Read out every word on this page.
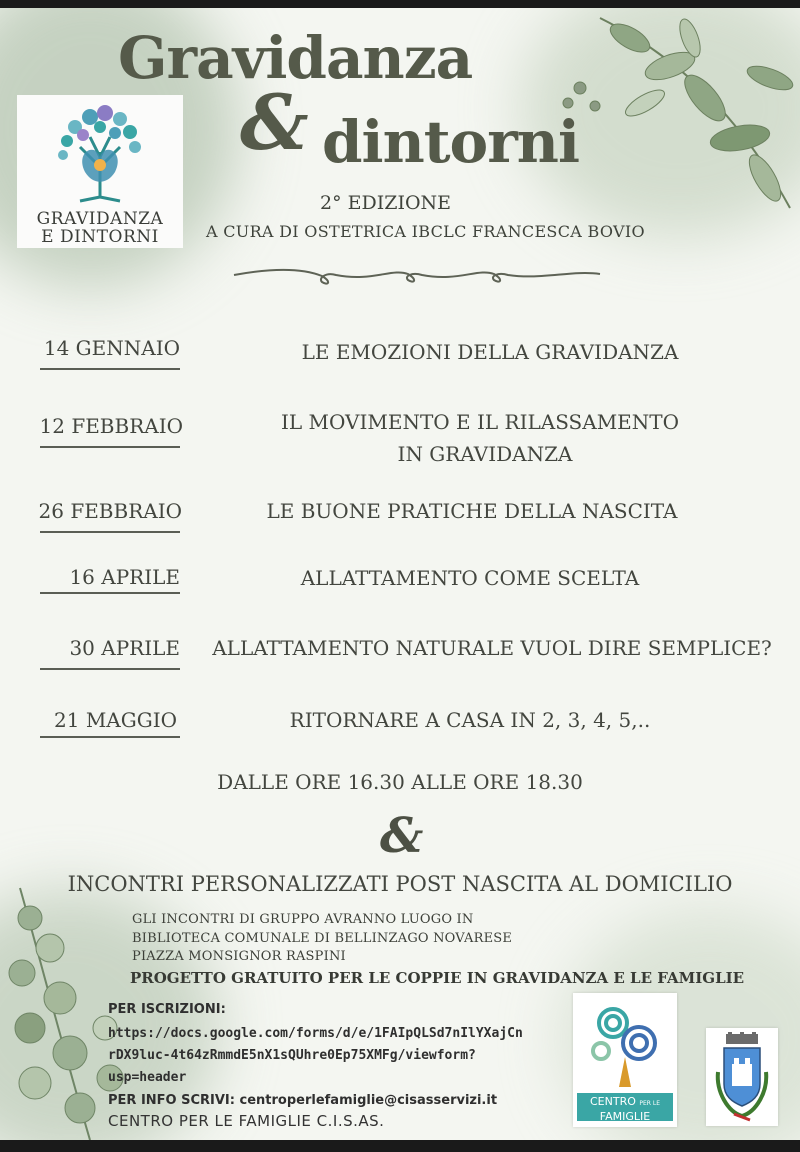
Gravidanza
& dintorni
GRAVIDANZA
E DINTORNI
2° EDIZIONE
A CURA DI OSTETRICA IBCLC FRANCESCA BOVIO
14 GENNAIO	LE EMOZIONI DELLA GRAVIDANZA
12 FEBBRAIO	IL MOVIMENTO E IL RILASSAMENTO
IN GRAVIDANZA
26 FEBBRAIO	LE BUONE PRATICHE DELLA NASCITA
16 APRILE	ALLATTAMENTO COME SCELTA
30 APRILE	ALLATTAMENTO NATURALE VUOL DIRE SEMPLICE?
21 MAGGIO	RITORNARE A CASA IN 2, 3, 4, 5,..
DALLE ORE 16.30 ALLE ORE 18.30
&
INCONTRI PERSONALIZZATI POST NASCITA AL DOMICILIO
GLI INCONTRI DI GRUPPO AVRANNO LUOGO IN
BIBLIOTECA COMUNALE DI BELLINZAGO NOVARESE
PIAZZA MONSIGNOR RASPINI
PROGETTO GRATUITO PER LE COPPIE IN GRAVIDANZA E LE FAMIGLIE
PER ISCRIZIONI:
https://docs.google.com/forms/d/e/1FAIpQLSd7nIlYXajCn
rDX9luc-4t64zRmmdE5nX1sQUhre0Ep75XMFg/viewform?
usp=header
PER INFO SCRIVI: centroperlefamiglie@cisasservizi.it
CENTRO PER LE FAMIGLIE C.I.S.AS.
CENTRO PER LE
FAMIGLIE
